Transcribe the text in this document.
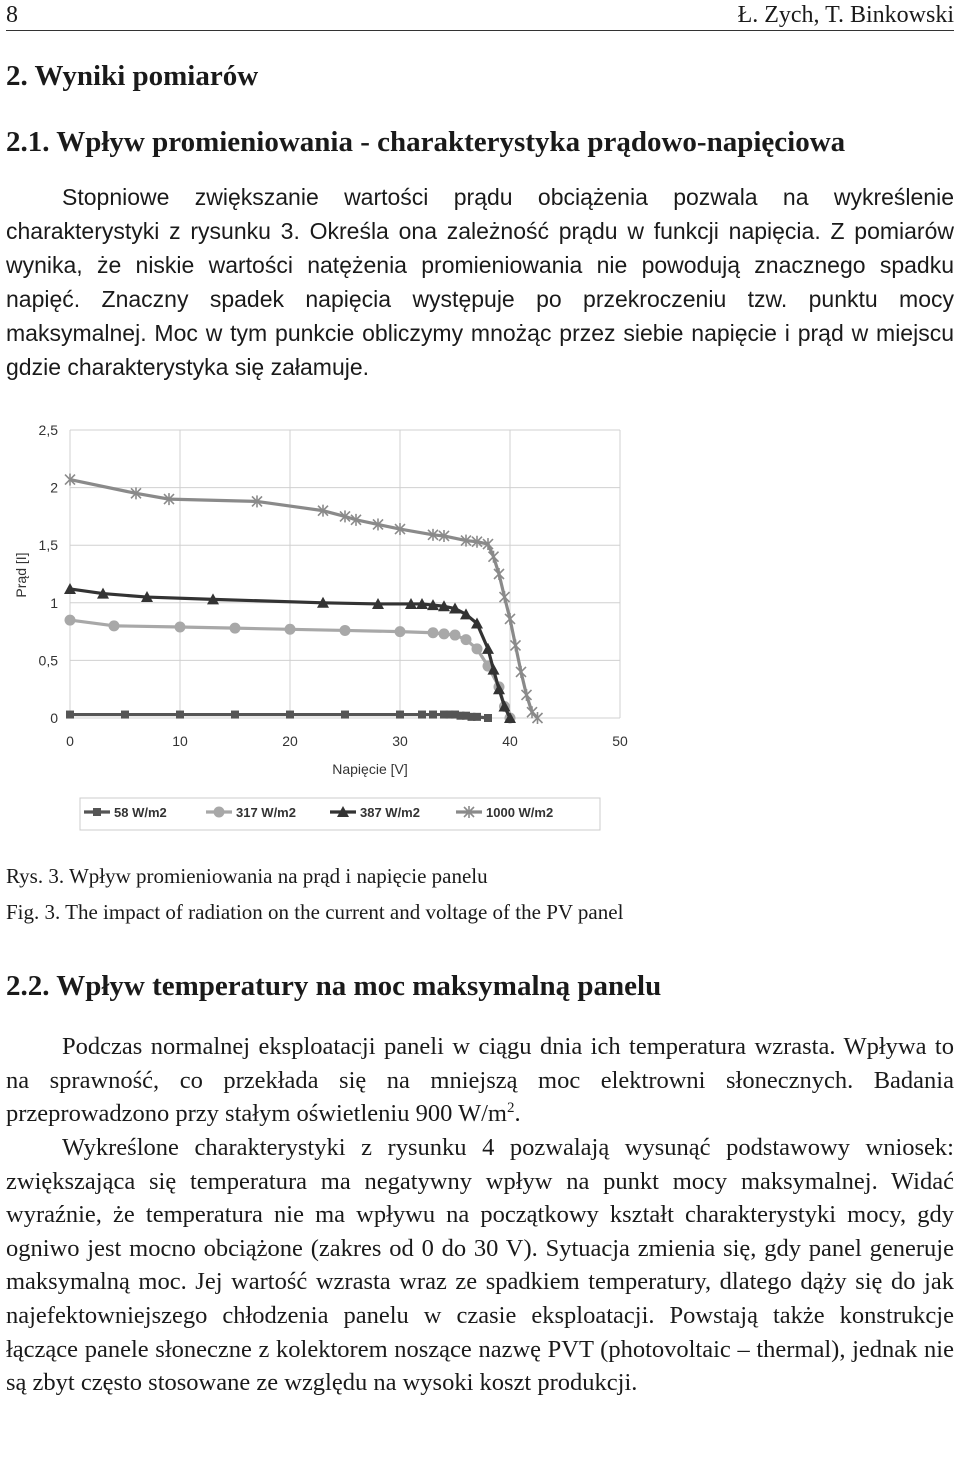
8	Ł. Zych, T. Binkowski
2. Wyniki pomiarów
2.1. Wpływ promieniowania - charakterystyka prądowo-napięciowa

Stopniowe zwiększanie wartości prądu obciążenia pozwala na wykreślenie charakterystyki z rysunku 3. Określa ona zależność prądu w funkcji napięcia. Z pomiarów wynika, że niskie wartości natężenia promieniowania nie powodują znacznego spadku napięć. Znaczny spadek napięcia występuje po przekroczeniu tzw. punktu mocy maksymalnej. Moc w tym punkcie obliczymy mnożąc przez siebie napięcie i prąd w miejscu gdzie charakterystyka się załamuje.

0
0,5
1
1,5
2
2,5
0	10	20	30	40	50
58 W/m2	317 W/m2	387 W/m2	1000 W/m2
Napięcie [V]
Prąd [I]

Rys. 3. Wpływ promieniowania na prąd i napięcie panelu

Fig. 3. The impact of radiation on the current and voltage of the PV panel

2.2. Wpływ temperatury na moc maksymalną panelu

Podczas normalnej eksploatacji paneli w ciągu dnia ich temperatura wzrasta. Wpływa to na sprawność, co przekłada się na mniejszą moc elektrowni słonecznych. Badania przeprowadzono przy stałym oświetleniu 900 $W/m^2$.

Wykreślone charakterystyki z rysunku 4 pozwalają wysunąć podstawowy wniosek: zwiększająca się temperatura ma negatywny wpływ na punkt mocy maksymalnej. Widać wyraźnie, że temperatura nie ma wpływu na początkowy kształt charakterystyki mocy, gdy ogniwo jest mocno obciążone (zakres od 0 do 30 V). Sytuacja zmienia się, gdy panel generuje maksymalną moc. Jej wartość wzrasta wraz ze spadkiem temperatury, dlatego dąży się do jak najefektowniejszego chłodzenia panelu w czasie eksploatacji. Powstają także konstrukcje łączące panele słoneczne z kolektorem noszące nazwę PVT (photovoltaic – thermal), jednak nie są zbyt często stosowane ze względu na wysoki koszt produkcji.
